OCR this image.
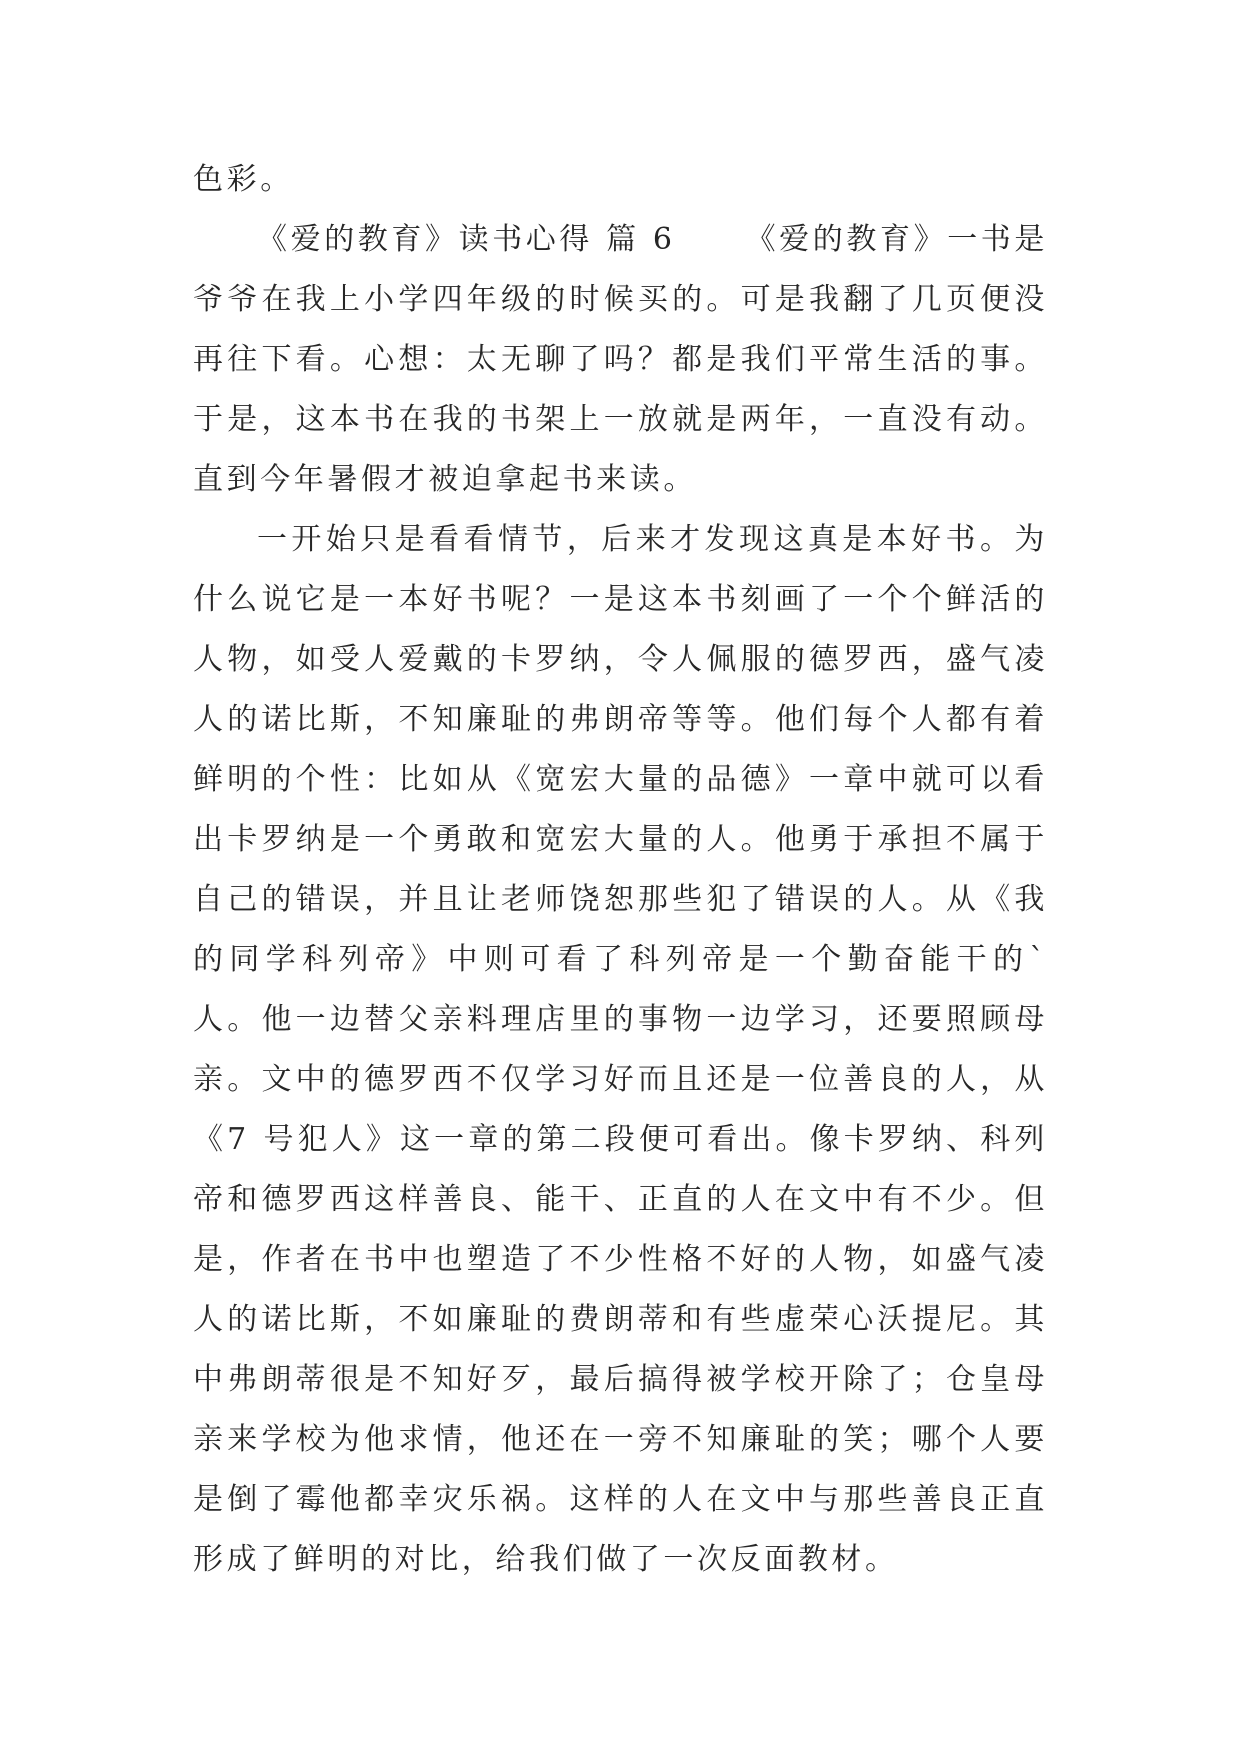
色彩。

《爱的教育》读书心得 篇 6 《爱的教育》一书是爷爷在我上小学四年级的时候买的。可是我翻了几页便没再往下看。心想：太无聊了吗？都是我们平常生活的事。于是，这本书在我的书架上一放就是两年，一直没有动。直到今年暑假才被迫拿起书来读。

一开始只是看看情节，后来才发现这真是本好书。为什么说它是一本好书呢？一是这本书刻画了一个个鲜活的人物，如受人爱戴的卡罗纳，令人佩服的德罗西，盛气凌人的诺比斯，不知廉耻的弗朗帝等等。他们每个人都有着鲜明的个性：比如从《宽宏大量的品德》一章中就可以看出卡罗纳是一个勇敢和宽宏大量的人。他勇于承担不属于自己的错误，并且让老师饶恕那些犯了错误的人。从《我的同学科列帝》中则可看了科列帝是一个勤奋能干的`人。他一边替父亲料理店里的事物一边学习，还要照顾母亲。文中的德罗西不仅学习好而且还是一位善良的人，从《7 号犯人》这一章的第二段便可看出。像卡罗纳、科列帝和德罗西这样善良、能干、正直的人在文中有不少。但是，作者在书中也塑造了不少性格不好的人物，如盛气凌人的诺比斯，不如廉耻的费朗蒂和有些虚荣心沃提尼。其中弗朗蒂很是不知好歹，最后搞得被学校开除了；仓皇母亲来学校为他求情，他还在一旁不知廉耻的笑；哪个人要是倒了霉他都幸灾乐祸。这样的人在文中与那些善良正直形成了鲜明的对比，给我们做了一次反面教材。
